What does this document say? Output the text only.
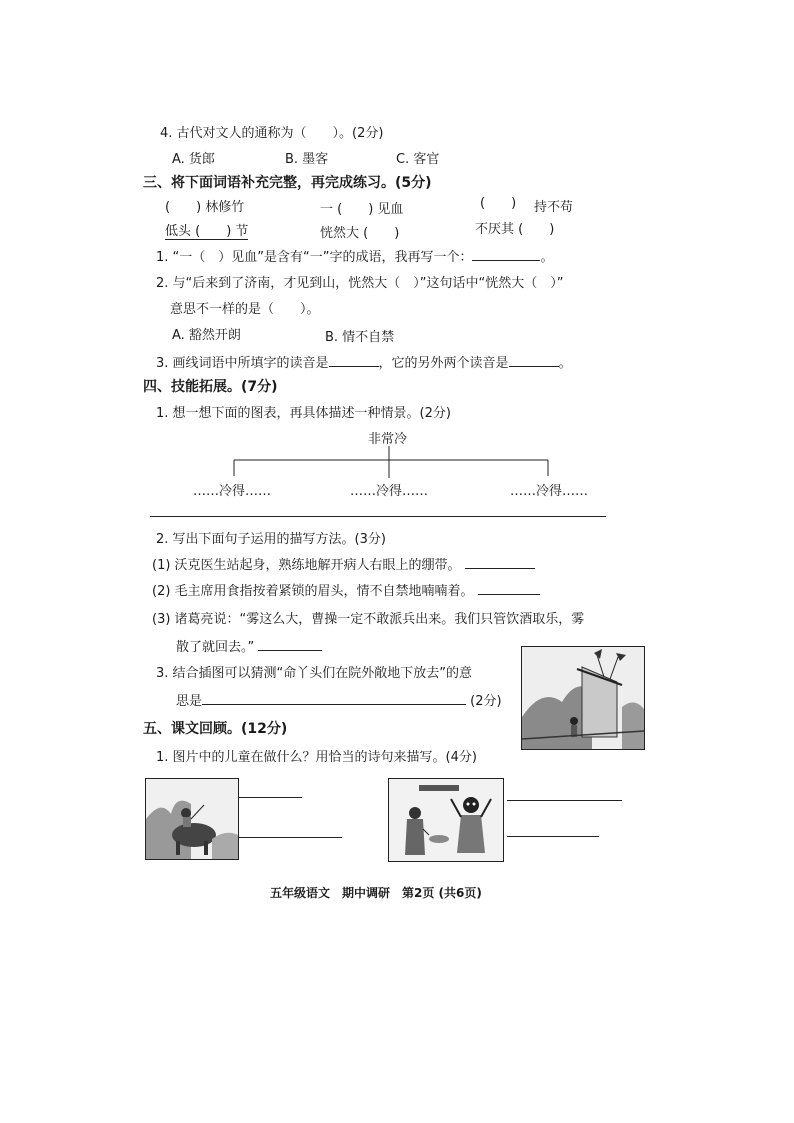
4. 古代对文人的通称为（　　）。(2分)
A. 货郎	B. 墨客	C. 客官
三、将下面词语补充完整，再完成练习。(5分)
(　　) 林修竹	一 (　　) 见血	(　　) 持不苟
低头 (　　) 节	恍然大 (　　)	不厌其 (　　)
1. “一（　）见血”是含有“一”字的成语，我再写一个：	。
2. 与“后来到了济南，才见到山，恍然大（　）”这句话中“恍然大（　）”
意思不一样的是（　　）。
A. 豁然开朗	B. 情不自禁
3. 画线词语中所填字的读音是	，它的另外两个读音是	。
四、技能拓展。(7分)
1. 想一想下面的图表，再具体描述一种情景。(2分)
非常冷
……冷得……	……冷得……	……冷得……
2. 写出下面句子运用的描写方法。(3分)
(1) 沃克医生站起身，熟练地解开病人右眼上的绷带。
(2) 毛主席用食指按着紧锁的眉头，情不自禁地喃喃着。
(3) 诸葛亮说：“雾这么大，曹操一定不敢派兵出来。我们只管饮酒取乐，雾
散了就回去。”
3. 结合插图可以猜测“命丫头们在院外敞地下放去”的意
思是	(2分)
五、课文回顾。(12分)
1. 图片中的儿童在做什么？用恰当的诗句来描写。(4分)
五年级语文　期中调研　第2页 (共6页)
